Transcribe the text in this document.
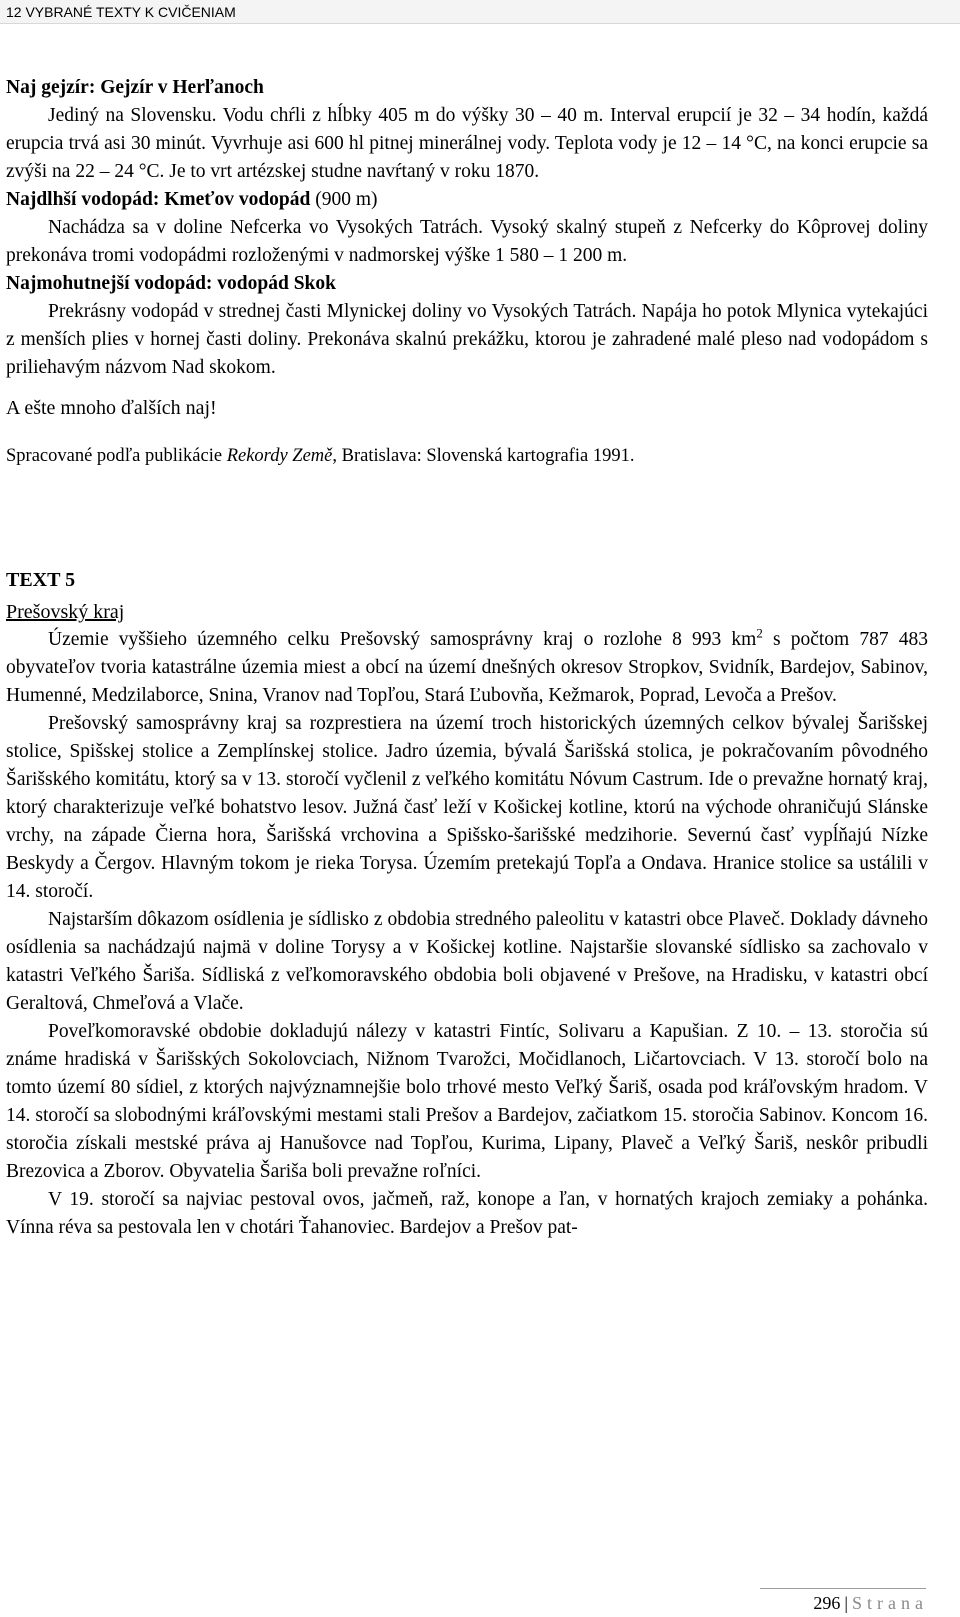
12 VYBRANÉ TEXTY K CVIČENIAM

Naj gejzír: Gejzír v Herľanoch

Jediný na Slovensku. Vodu chŕli z hĺbky 405 m do výšky 30 – 40 m. Interval erupcií je 32 – 34 hodín, každá erupcia trvá asi 30 minút. Vyvrhuje asi 600 hl pitnej minerálnej vody. Teplota vody je 12 – 14 °C, na konci erupcie sa zvýši na 22 – 24 °C. Je to vrt artézskej studne navŕtaný v roku 1870.

Najdlhší vodopád: Kmeťov vodopád (900 m)

Nachádza sa v doline Nefcerka vo Vysokých Tatrách. Vysoký skalný stupeň z Nefcerky do Kôprovej doliny prekonáva tromi vodopádmi rozloženými v nadmorskej výške 1 580 – 1 200 m.

Najmohutnejší vodopád: vodopád Skok

Prekrásny vodopád v strednej časti Mlynickej doliny vo Vysokých Tatrách. Napája ho potok Mlynica vytekajúci z menších plies v hornej časti doliny. Prekonáva skalnú prekážku, ktorou je zahradené malé pleso nad vodopádom s priliehavým názvom Nad skokom.

A ešte mnoho ďalších naj!

Spracované podľa publikácie Rekordy Země, Bratislava: Slovenská kartografia 1991.

TEXT 5

Prešovský kraj

Územie vyššieho územného celku Prešovský samosprávny kraj o rozlohe 8 993 $km^2$ s počtom 787 483 obyvateľov tvoria katastrálne územia miest a obcí na území dnešných okresov Stropkov, Svidník, Bardejov, Sabinov, Humenné, Medzilaborce, Snina, Vranov nad Topľou, Stará Ľubovňa, Kežmarok, Poprad, Levoča a Prešov.

Prešovský samosprávny kraj sa rozprestiera na území troch historických územných celkov bývalej Šarišskej stolice, Spišskej stolice a Zemplínskej stolice. Jadro územia, bývalá Šarišská stolica, je pokračovaním pôvodného Šarišského komitátu, ktorý sa v 13. storočí vyčlenil z veľkého komitátu Nóvum Castrum. Ide o prevažne hornatý kraj, ktorý charakterizuje veľké bohatstvo lesov. Južná časť leží v Košickej kotline, ktorú na východe ohraničujú Slánske vrchy, na západe Čierna hora, Šarišská vrchovina a Spišsko-šarišské medzihorie. Severnú časť vypĺňajú Nízke Beskydy a Čergov. Hlavným tokom je rieka Torysa. Územím pretekajú Topľa a Ondava. Hranice stolice sa ustálili v 14. storočí.

Najstarším dôkazom osídlenia je sídlisko z obdobia stredného paleolitu v katastri obce Plaveč. Doklady dávneho osídlenia sa nachádzajú najmä v doline Torysy a v Košickej kotline. Najstaršie slovanské sídlisko sa zachovalo v katastri Veľkého Šariša. Sídliská z veľkomoravského obdobia boli objavené v Prešove, na Hradisku, v katastri obcí Geraltová, Chmeľová a Vlače.

Poveľkomoravské obdobie dokladujú nálezy v katastri Fintíc, Solivaru a Kapušian. Z 10. – 13. storočia sú známe hradiská v Šarišských Sokolovciach, Nižnom Tvarožci, Močidlanoch, Ličartovciach. V 13. storočí bolo na tomto území 80 sídiel, z ktorých najvýznamnejšie bolo trhové mesto Veľký Šariš, osada pod kráľovským hradom. V 14. storočí sa slobodnými kráľovskými mestami stali Prešov a Bardejov, začiatkom 15. storočia Sabinov. Koncom 16. storočia získali mestské práva aj Hanušovce nad Topľou, Kurima, Lipany, Plaveč a Veľký Šariš, neskôr pribudli Brezovica a Zborov. Obyvatelia Šariša boli prevažne roľníci.

V 19. storočí sa najviac pestoval ovos, jačmeň, raž, konope a ľan, v hornatých krajoch zemiaky a pohánka. Vínna réva sa pestovala len v chotári Ťahanoviec. Bardejov a Prešov pat-

296 | Strana
